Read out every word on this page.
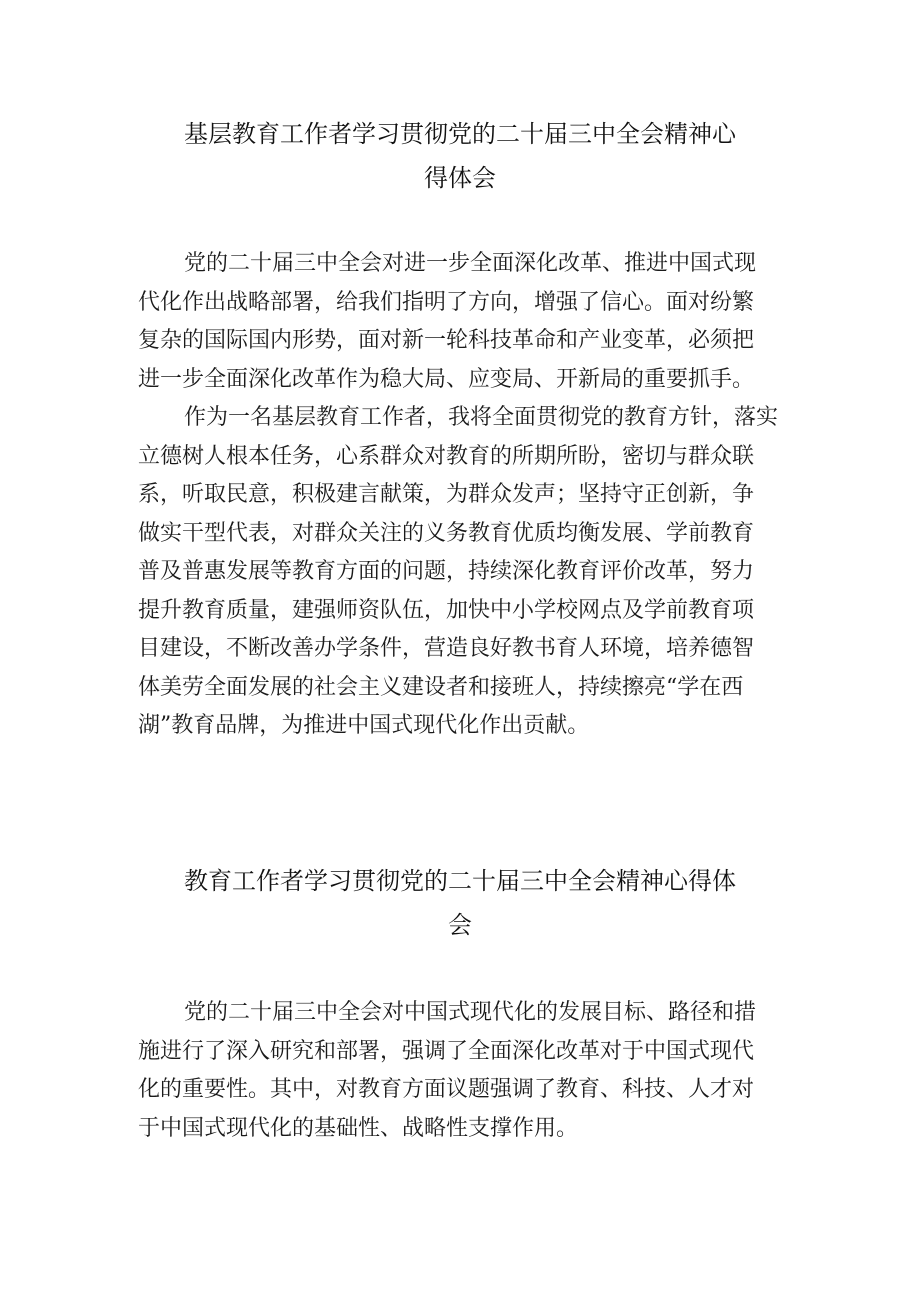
基层教育工作者学习贯彻党的二十届三中全会精神心
得体会
党的二十届三中全会对进一步全面深化改革、推进中国式现
代化作出战略部署，给我们指明了方向，增强了信心。面对纷繁
复杂的国际国内形势，面对新一轮科技革命和产业变革，必须把
进一步全面深化改革作为稳大局、应变局、开新局的重要抓手。
作为一名基层教育工作者，我将全面贯彻党的教育方针，落实
立德树人根本任务，心系群众对教育的所期所盼，密切与群众联
系，听取民意，积极建言献策，为群众发声；坚持守正创新，争
做实干型代表，对群众关注的义务教育优质均衡发展、学前教育
普及普惠发展等教育方面的问题，持续深化教育评价改革，努力
提升教育质量，建强师资队伍，加快中小学校网点及学前教育项
目建设，不断改善办学条件，营造良好教书育人环境，培养德智
体美劳全面发展的社会主义建设者和接班人，持续擦亮“学在西
湖”教育品牌，为推进中国式现代化作出贡献。
教育工作者学习贯彻党的二十届三中全会精神心得体
会
党的二十届三中全会对中国式现代化的发展目标、路径和措
施进行了深入研究和部署，强调了全面深化改革对于中国式现代
化的重要性。其中，对教育方面议题强调了教育、科技、人才对
于中国式现代化的基础性、战略性支撑作用。
